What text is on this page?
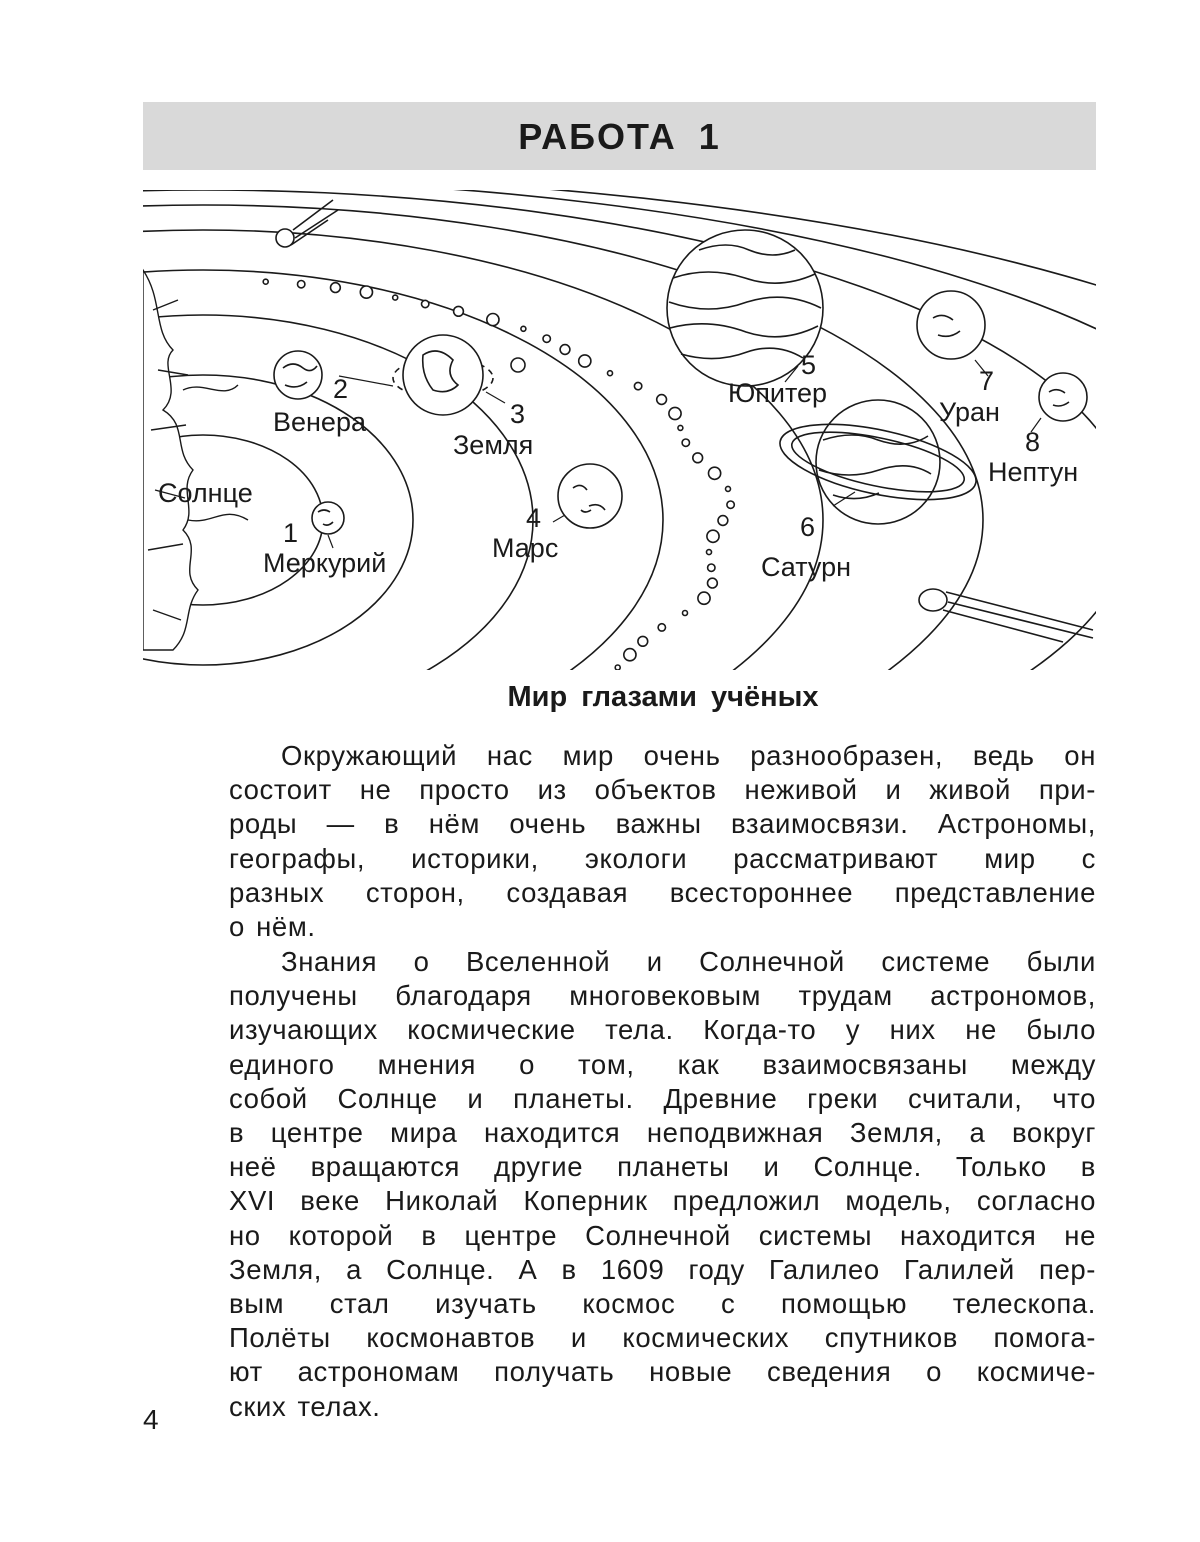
РАБОТА 1
2
Венера	3
Земля
Солнце
1
Меркурий
4
Марс
5
Юпитер
6
Сатурн
7
Уран
8
Нептун
Мир глазами учёных

Окружающий нас мир очень разнообразен, ведь он
состоит не просто из объектов неживой и живой при-
роды — в нём очень важны взаимосвязи. Астрономы,
географы, историки, экологи рассматривают мир с
разных сторон, создавая всестороннее представление
о нём.

Знания о Вселенной и Солнечной системе были
получены благодаря многовековым трудам астрономов,
изучающих космические тела. Когда-то у них не было
единого мнения о том, как взаимосвязаны между
собой Солнце и планеты. Древние греки считали, что
в центре мира находится неподвижная Земля, а вокруг
неё вращаются другие планеты и Солнце. Только в
XVI веке Николай Коперник предложил модель, согласно
но которой в центре Солнечной системы находится не
Земля, а Солнце. А в 1609 году Галилео Галилей пер-
вым стал изучать космос с помощью телескопа.
Полёты космонавтов и космических спутников помога-
ют астрономам получать новые сведения о космиче-
ских телах.

4
